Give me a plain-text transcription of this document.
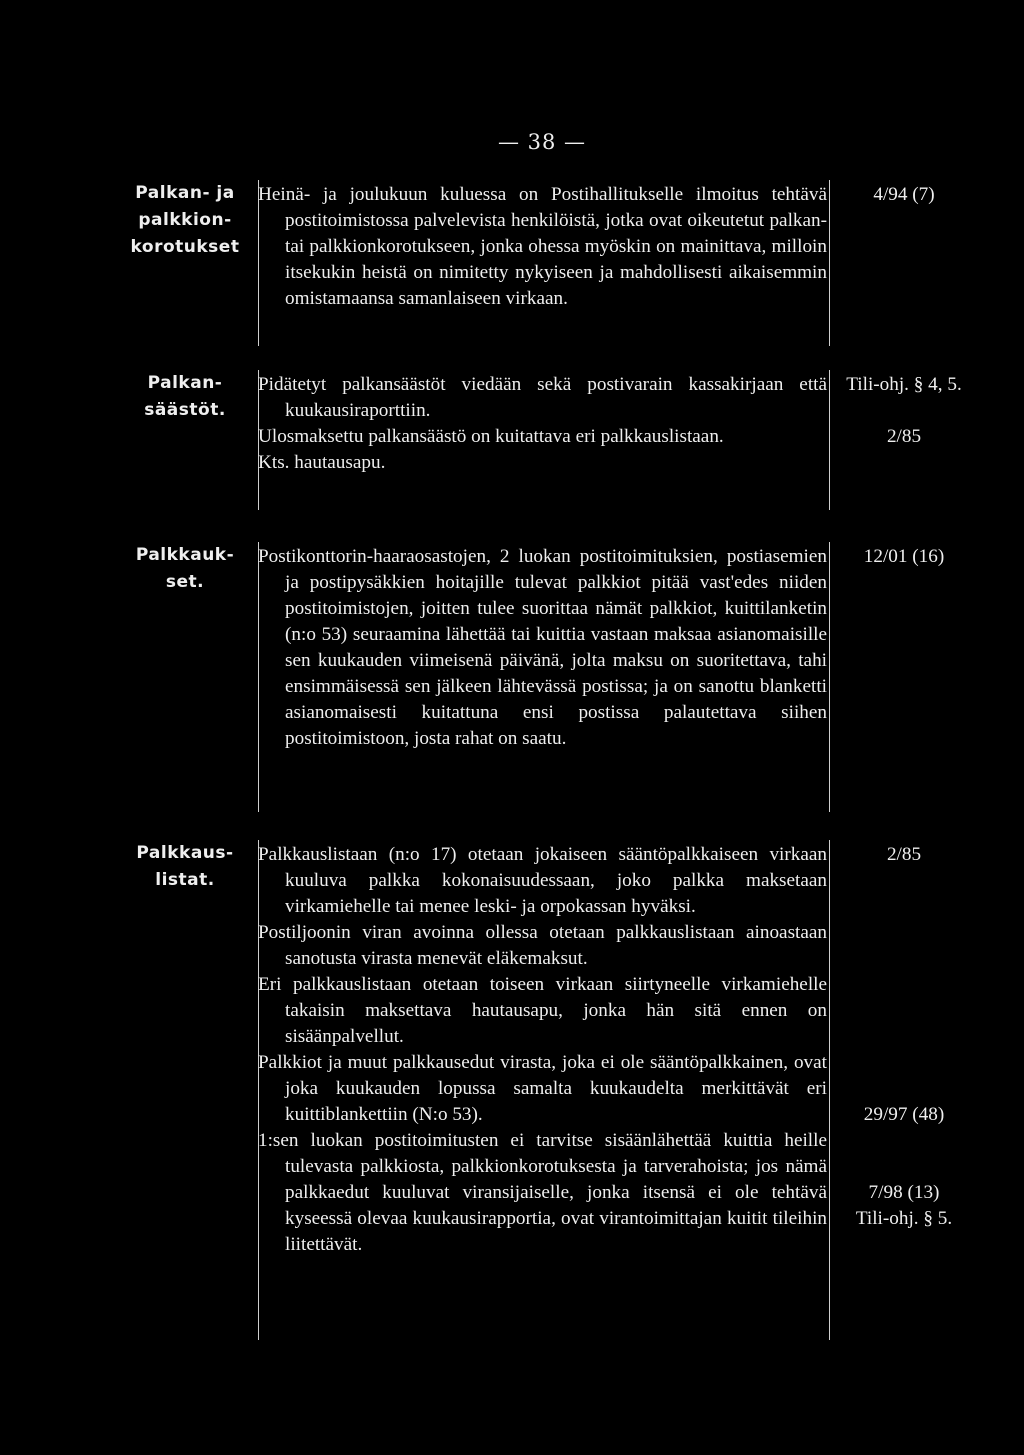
— 38 —
Palkan- ja
palkkion-
korotukset

Heinä- ja joulukuun kuluessa on Postihallitukselle ilmoitus tehtävä postitoimistossa palvelevista henkilöistä, jotka ovat oikeutetut palkan- tai palkkionkorotukseen, jonka ohessa myöskin on mainittava, milloin itsekukin heistä on nimitetty nykyiseen ja mahdollisesti aikaisemmin omistamaansa samanlaiseen virkaan.

4/94 (7)
Palkan-
säästöt.

Pidätetyt palkansäästöt viedään sekä postivarain kassakirjaan että kuukausiraporttiin.

Ulosmaksettu palkansäästö on kuitattava eri palkkauslistaan.

Kts. hautausapu.

Tili-ohj. § 4, 5.
2/85
Palkkauk-
set.

Postikonttorin-haaraosastojen, 2 luokan postitoimituksien, postiasemien ja postipysäkkien hoitajille tulevat palkkiot pitää vast'edes niiden postitoimistojen, joitten tulee suorittaa nämät palkkiot, kuittilanketin (n:o 53) seuraamina lähettää tai kuittia vastaan maksaa asianomaisille sen kuukauden viimeisenä päivänä, jolta maksu on suoritettava, tahi ensimmäisessä sen jälkeen lähtevässä postissa; ja on sanottu blanketti asianomaisesti kuitattuna ensi postissa palautettava siihen postitoimistoon, josta rahat on saatu.

12/01 (16)
Palkkaus-
listat.

Palkkauslistaan (n:o 17) otetaan jokaiseen sääntöpalkkaiseen virkaan kuuluva palkka kokonaisuudessaan, joko palkka maksetaan virkamiehelle tai menee leski- ja orpokassan hyväksi.

Postiljoonin viran avoinna ollessa otetaan palkkauslistaan ainoastaan sanotusta virasta menevät eläkemaksut.

Eri palkkauslistaan otetaan toiseen virkaan siirtyneelle virkamiehelle takaisin maksettava hautausapu, jonka hän sitä ennen on sisäänpalvellut.

Palkkiot ja muut palkkausedut virasta, joka ei ole sääntöpalkkainen, ovat joka kuukauden lopussa samalta kuukaudelta merkittävät eri kuittiblankettiin (N:o 53).

1:sen luokan postitoimitusten ei tarvitse sisäänlähettää kuittia heille tulevasta palkkiosta, palkkionkorotuksesta ja tarverahoista; jos nämä palkkaedut kuuluvat viransijaiselle, jonka itsensä ei ole tehtävä kyseessä olevaa kuukausirapportia, ovat virantoimittajan kuitit tileihin liitettävät.

2/85
29/97 (48)
7/98 (13)
Tili-ohj. § 5.
